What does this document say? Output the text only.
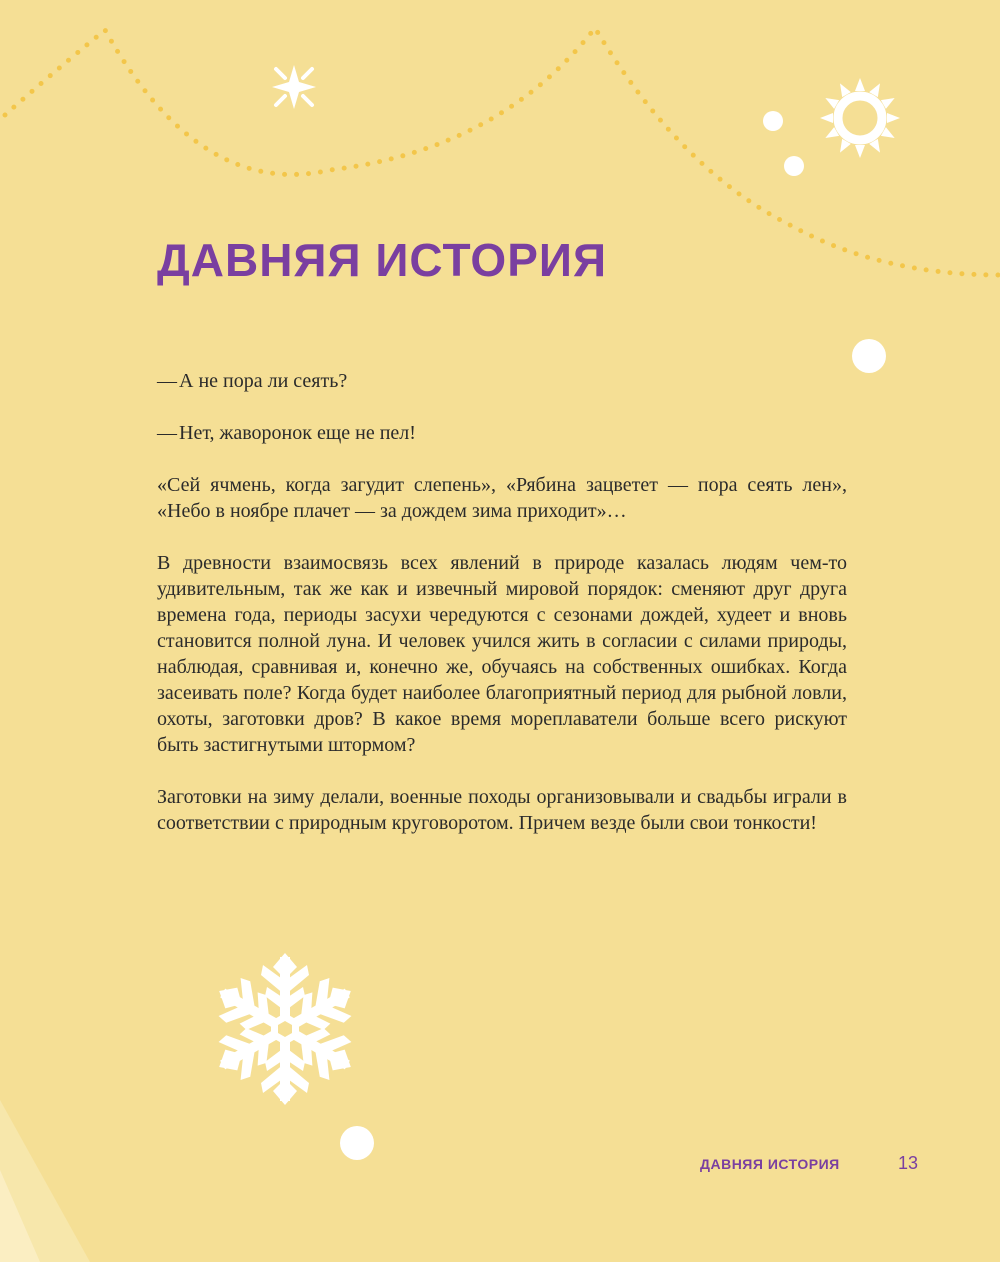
ДАВНЯЯ ИСТОРИЯ

— А не пора ли сеять?

— Нет, жаворонок еще не пел!

«Сей ячмень, когда загудит слепень», «Рябина зацветет — пора сеять лен», «Небо в ноябре плачет — за дождем зима приходит»…

В древности взаимосвязь всех явлений в природе казалась людям чем-то удивительным, так же как и извечный мировой порядок: сменяют друг друга времена года, периоды засухи чередуются с сезонами дождей, худеет и вновь становится полной луна. И человек учился жить в согласии с силами природы, наблюдая, сравнивая и, конечно же, обучаясь на собственных ошибках. Когда засеивать поле? Когда будет наиболее благоприятный период для рыбной ловли, охоты, заготовки дров? В какое время мореплаватели больше всего рискуют быть застигнутыми штормом?

Заготовки на зиму делали, военные походы организовывали и свадьбы играли в соответствии с природным круговоротом. Причем везде были свои тонкости!

ДАВНЯЯ ИСТОРИЯ	13
